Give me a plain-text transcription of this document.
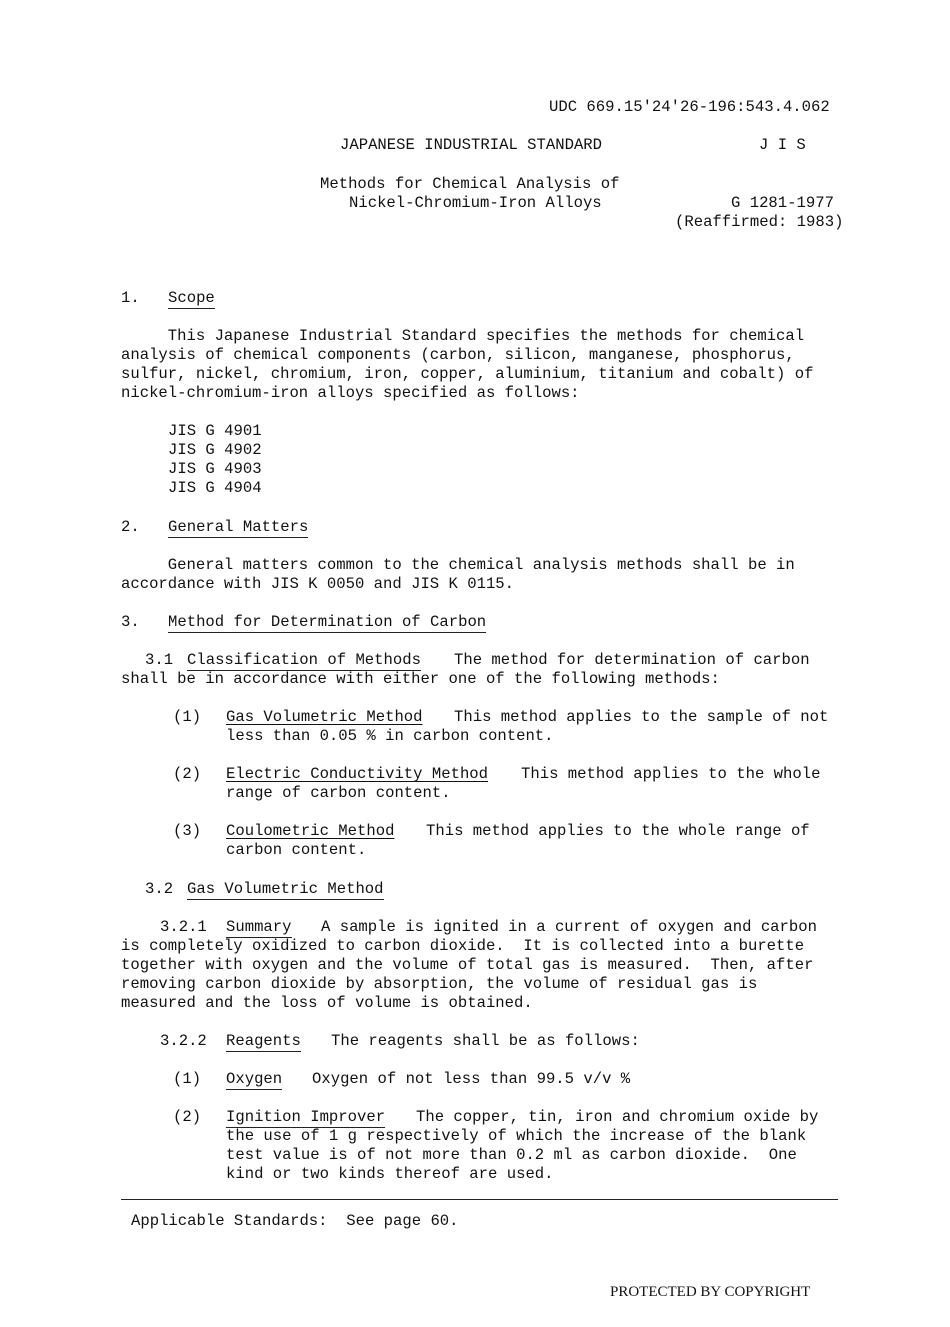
UDC 669.15'24'26-196:543.4.062
JAPANESE INDUSTRIAL STANDARD	J I S
Methods for Chemical Analysis of
Nickel-Chromium-Iron Alloys	G 1281-1977
(Reaffirmed: 1983)
1. Scope
This Japanese Industrial Standard specifies the methods for chemical
analysis of chemical components (carbon, silicon, manganese, phosphorus,
sulfur, nickel, chromium, iron, copper, aluminium, titanium and cobalt) of
nickel-chromium-iron alloys specified as follows:
JIS G 4901
JIS G 4902
JIS G 4903
JIS G 4904
2. General Matters
General matters common to the chemical analysis methods shall be in
accordance with JIS K 0050 and JIS K 0115.
3. Method for Determination of Carbon
3.1 Classification of Methods The method for determination of carbon
shall be in accordance with either one of the following methods:
(1) Gas Volumetric Method This method applies to the sample of not
less than 0.05 % in carbon content.
(2) Electric Conductivity Method This method applies to the whole
range of carbon content.
(3) Coulometric Method This method applies to the whole range of
carbon content.
3.2 Gas Volumetric Method
3.2.1 Summary A sample is ignited in a current of oxygen and carbon
is completely oxidized to carbon dioxide.  It is collected into a burette
together with oxygen and the volume of total gas is measured.  Then, after
removing carbon dioxide by absorption, the volume of residual gas is
measured and the loss of volume is obtained.
3.2.2 Reagents The reagents shall be as follows:
(1) Oxygen Oxygen of not less than 99.5 v/v %
(2) Ignition Improver The copper, tin, iron and chromium oxide by
the use of 1 g respectively of which the increase of the blank
test value is of not more than 0.2 ml as carbon dioxide.  One
kind or two kinds thereof are used.
Applicable Standards:  See page 60.
PROTECTED BY COPYRIGHT
